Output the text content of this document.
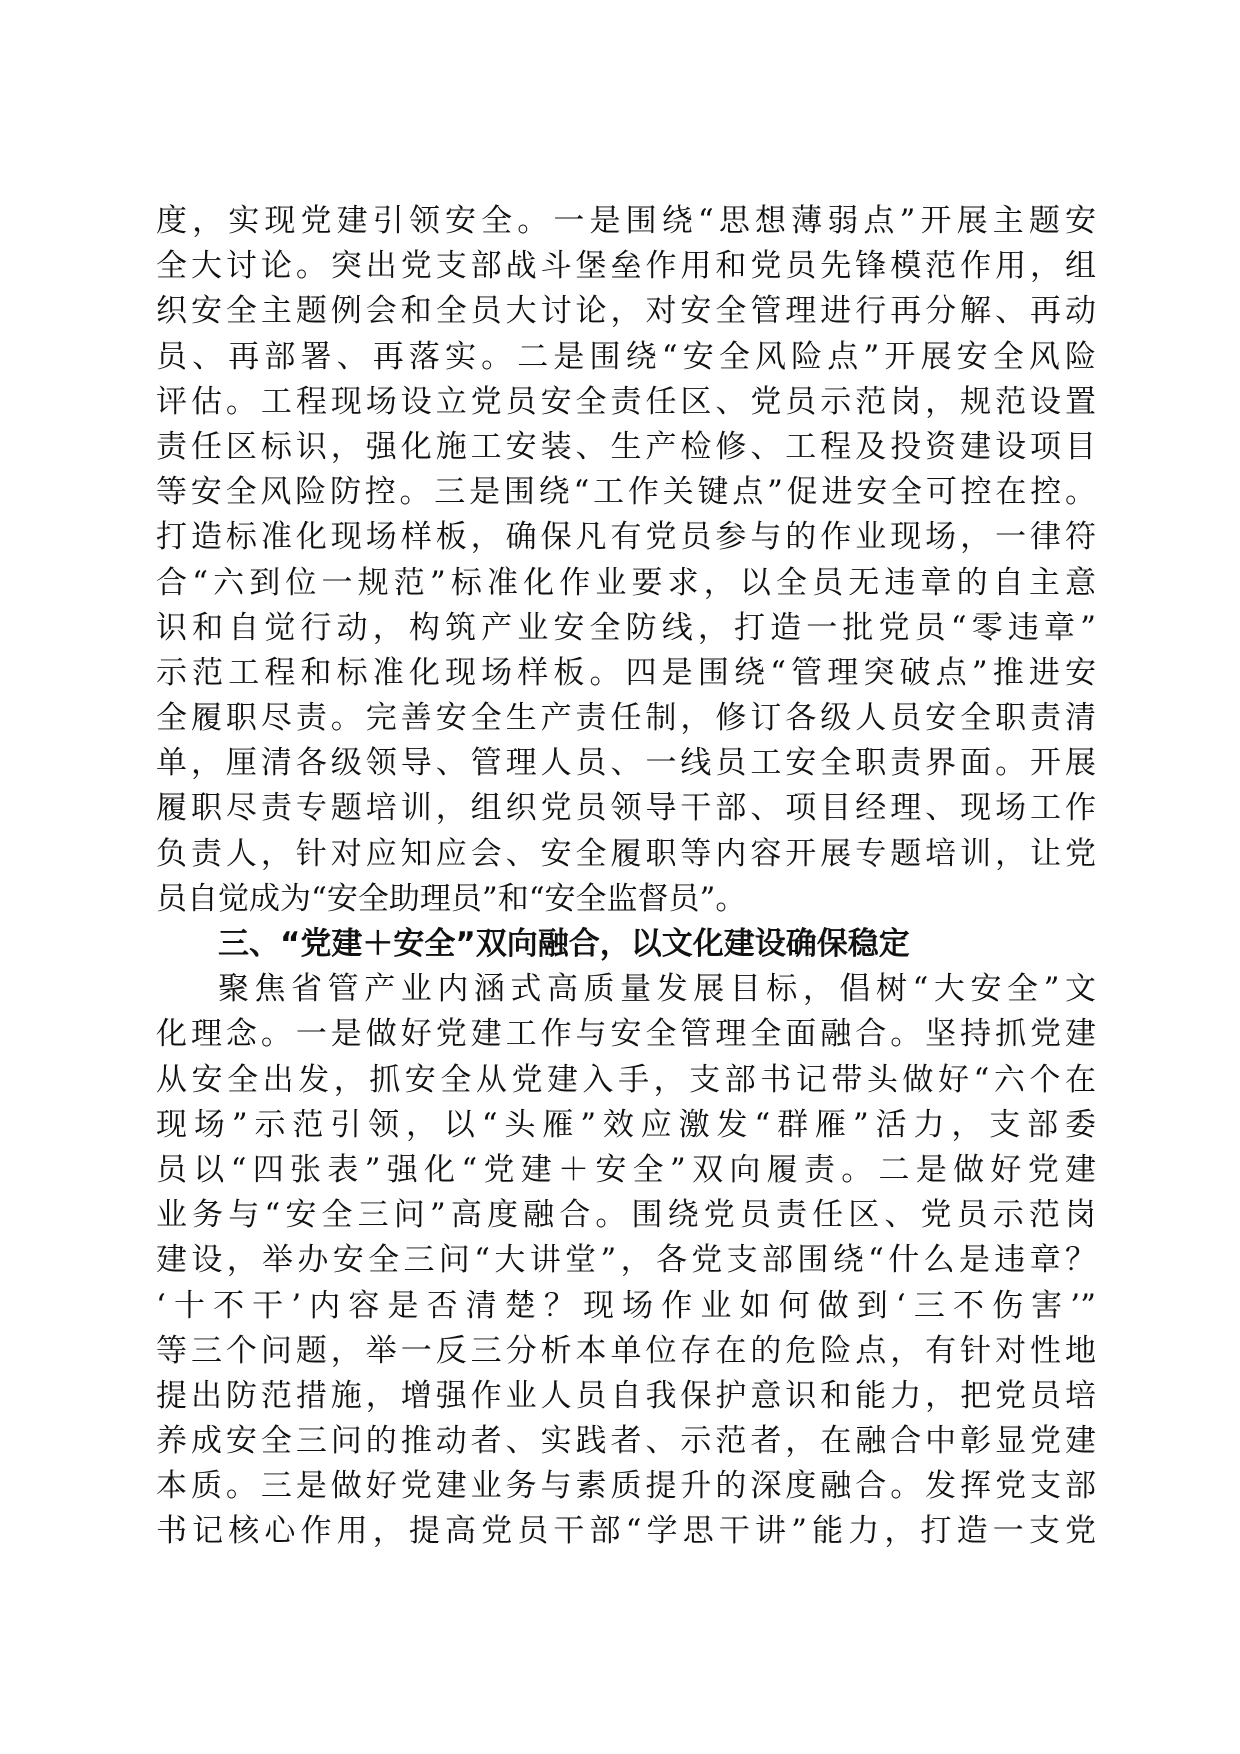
度，实现党建引领安全。一是围绕“思想薄弱点”开展主题安
全大讨论。突出党支部战斗堡垒作用和党员先锋模范作用，组
织安全主题例会和全员大讨论，对安全管理进行再分解、再动
员、再部署、再落实。二是围绕“安全风险点”开展安全风险
评估。工程现场设立党员安全责任区、党员示范岗，规范设置
责任区标识，强化施工安装、生产检修、工程及投资建设项目
等安全风险防控。三是围绕“工作关键点”促进安全可控在控。
打造标准化现场样板，确保凡有党员参与的作业现场，一律符
合“六到位一规范”标准化作业要求，以全员无违章的自主意
识和自觉行动，构筑产业安全防线，打造一批党员“零违章”
示范工程和标准化现场样板。四是围绕“管理突破点”推进安
全履职尽责。完善安全生产责任制，修订各级人员安全职责清
单，厘清各级领导、管理人员、一线员工安全职责界面。开展
履职尽责专题培训，组织党员领导干部、项目经理、现场工作
负责人，针对应知应会、安全履职等内容开展专题培训，让党
员自觉成为“安全助理员”和“安全监督员”。
三、“党建＋安全”双向融合，以文化建设确保稳定
聚焦省管产业内涵式高质量发展目标，倡树“大安全”文
化理念。一是做好党建工作与安全管理全面融合。坚持抓党建
从安全出发，抓安全从党建入手，支部书记带头做好“六个在
现场”示范引领，以“头雁”效应激发“群雁”活力，支部委
员以“四张表”强化“党建＋安全”双向履责。二是做好党建
业务与“安全三问”高度融合。围绕党员责任区、党员示范岗
建设，举办安全三问“大讲堂”，各党支部围绕“什么是违章？
‘十不干’内容是否清楚？现场作业如何做到‘三不伤害’”
等三个问题，举一反三分析本单位存在的危险点，有针对性地
提出防范措施，增强作业人员自我保护意识和能力，把党员培
养成安全三问的推动者、实践者、示范者，在融合中彰显党建
本质。三是做好党建业务与素质提升的深度融合。发挥党支部
书记核心作用，提高党员干部“学思干讲”能力，打造一支党
